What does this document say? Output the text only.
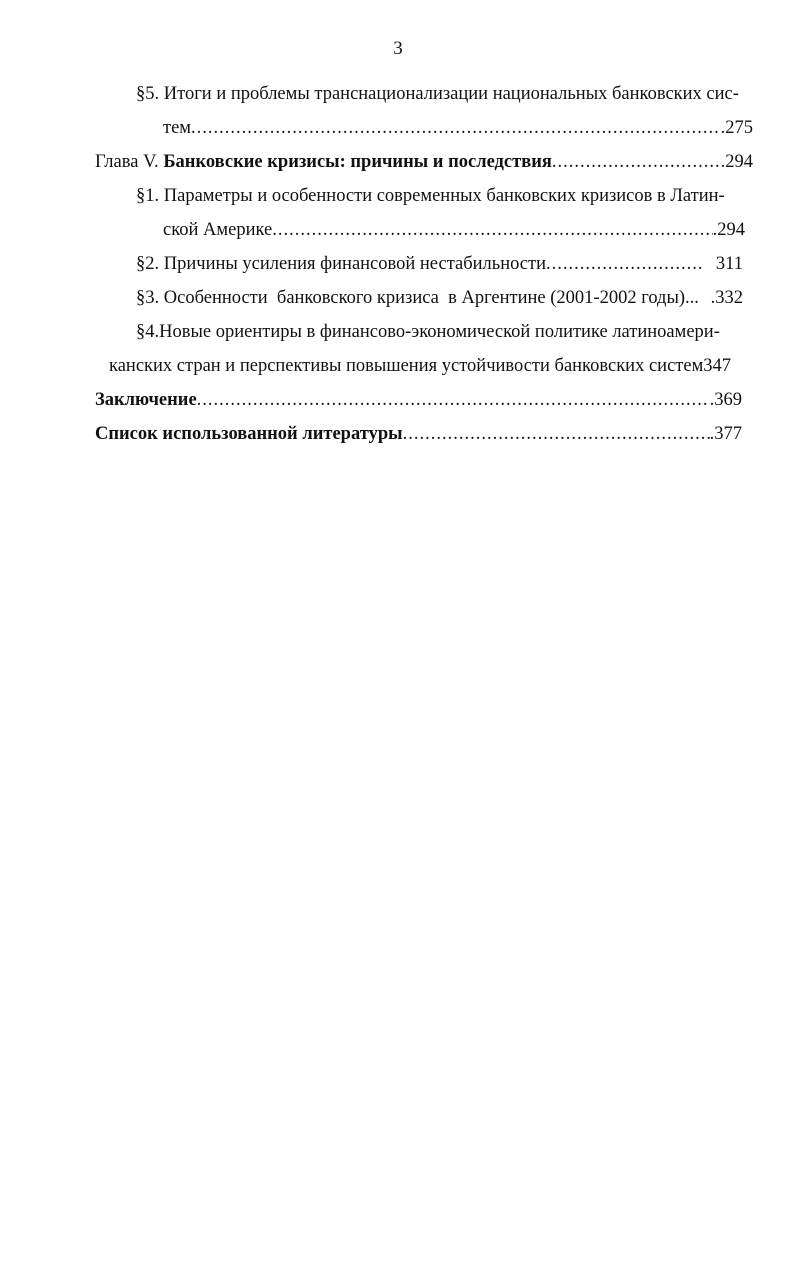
3
§5. Итоги и проблемы транснационализации национальных банковских сис-
тем .....	.275
Глава V. Банковские кризисы: причины и последствия .....	.294
§1. Параметры и особенности современных банковских кризисов в Латин-
ской Америке .....	.294
§2. Причины усиления финансовой нестабильности .....	311
§3. Особенности  банковского кризиса  в Аргентине (2001-2002 годы)... .332
§4.Новые ориентиры в финансово-экономической политике латиноамери-
канских стран и перспективы повышения устойчивости банковских систем347
Заключение .....	.369
Список использованной литературы .....	.377
